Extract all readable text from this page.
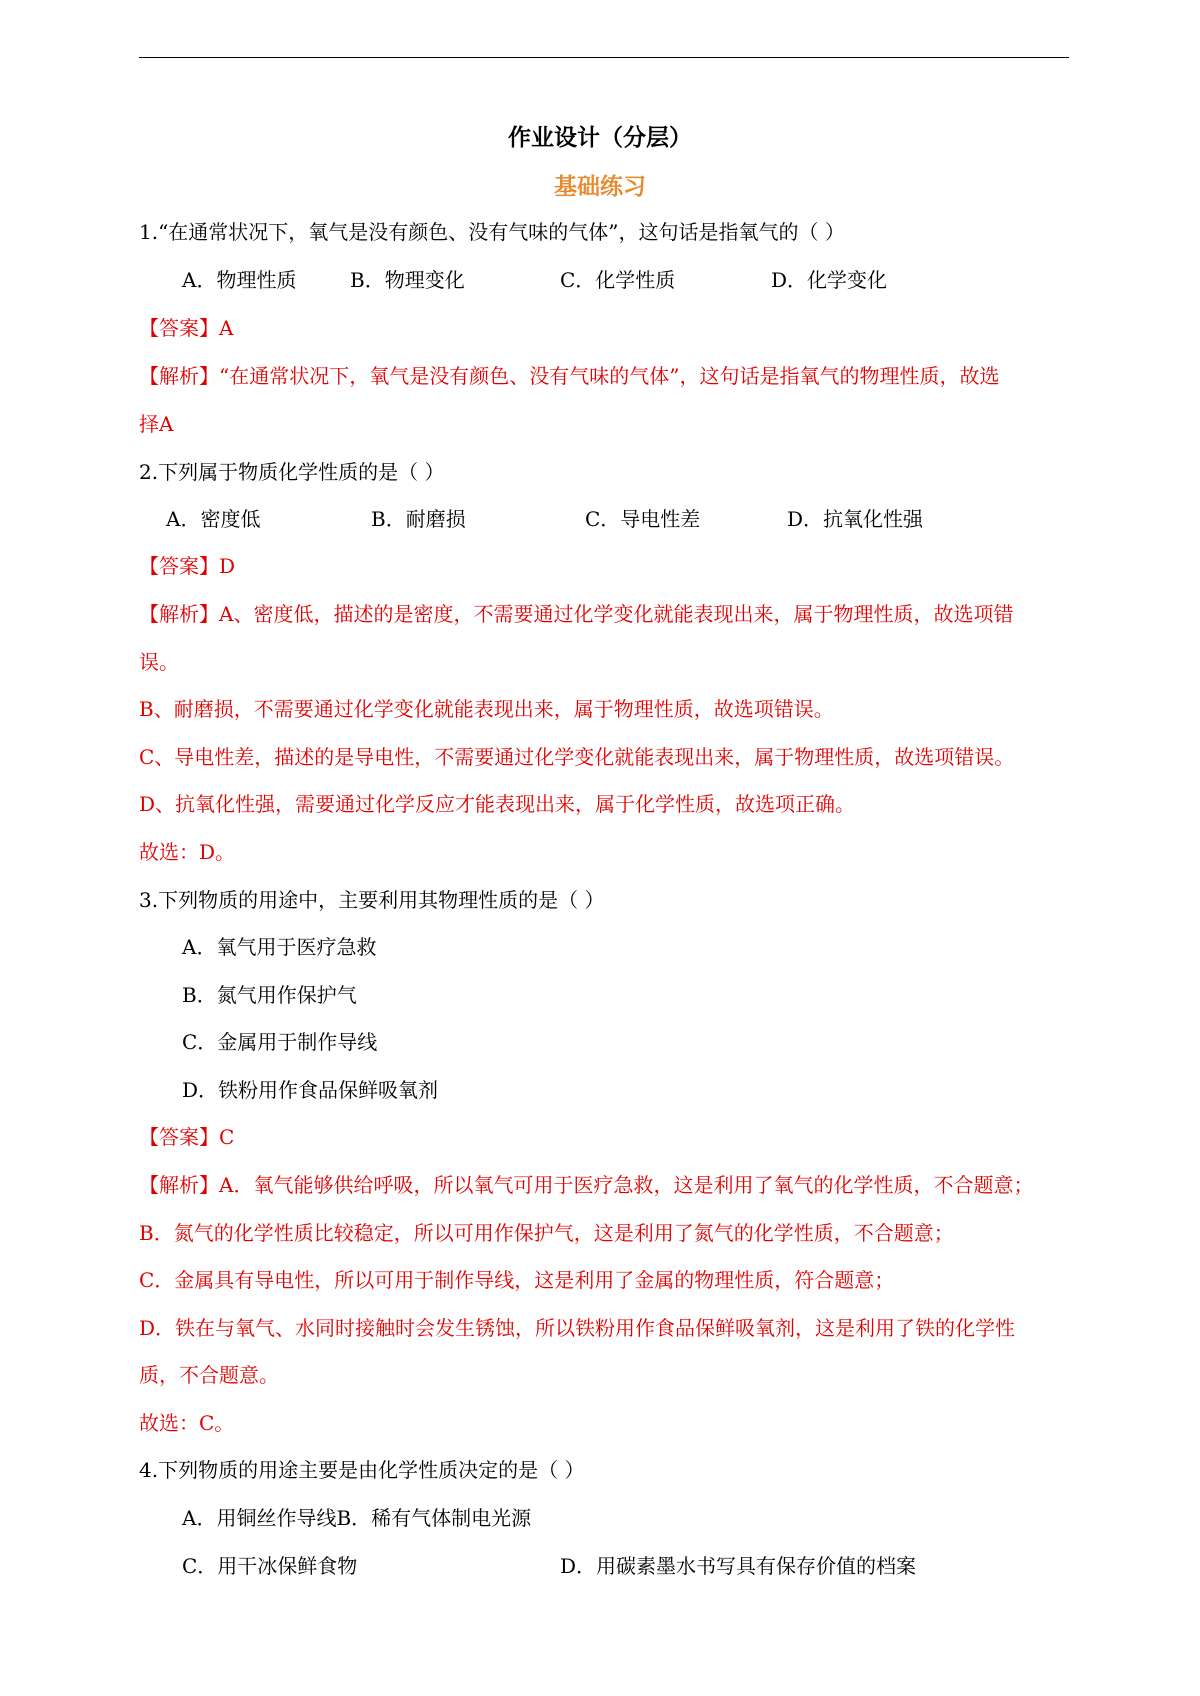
作业设计（分层）
基础练习
1.“在通常状况下，氧气是没有颜色、没有气味的气体”，这句话是指氧气的（ ）
A．物理性质	B．物理变化	C．化学性质	D．化学变化
【答案】A
【解析】“在通常状况下，氧气是没有颜色、没有气味的气体”，这句话是指氧气的物理性质，故选
择A
2.下列属于物质化学性质的是（ ）
A．密度低	B．耐磨损	C．导电性差	D．抗氧化性强
【答案】D
【解析】A、密度低，描述的是密度，不需要通过化学变化就能表现出来，属于物理性质，故选项错
误。
B、耐磨损，不需要通过化学变化就能表现出来，属于物理性质，故选项错误。
C、导电性差，描述的是导电性，不需要通过化学变化就能表现出来，属于物理性质，故选项错误。
D、抗氧化性强，需要通过化学反应才能表现出来，属于化学性质，故选项正确。
故选：D。
3.下列物质的用途中，主要利用其物理性质的是（ ）
A．氧气用于医疗急救
B．氮气用作保护气
C．金属用于制作导线
D．铁粉用作食品保鲜吸氧剂
【答案】C
【解析】A．氧气能够供给呼吸，所以氧气可用于医疗急救，这是利用了氧气的化学性质，不合题意；
B．氮气的化学性质比较稳定，所以可用作保护气，这是利用了氮气的化学性质，不合题意；
C．金属具有导电性，所以可用于制作导线，这是利用了金属的物理性质，符合题意；
D．铁在与氧气、水同时接触时会发生锈蚀，所以铁粉用作食品保鲜吸氧剂，这是利用了铁的化学性
质，不合题意。
故选：C。
4.下列物质的用途主要是由化学性质决定的是（ ）
A．用铜丝作导线B．稀有气体制电光源
C．用干冰保鲜食物	D．用碳素墨水书写具有保存价值的档案
